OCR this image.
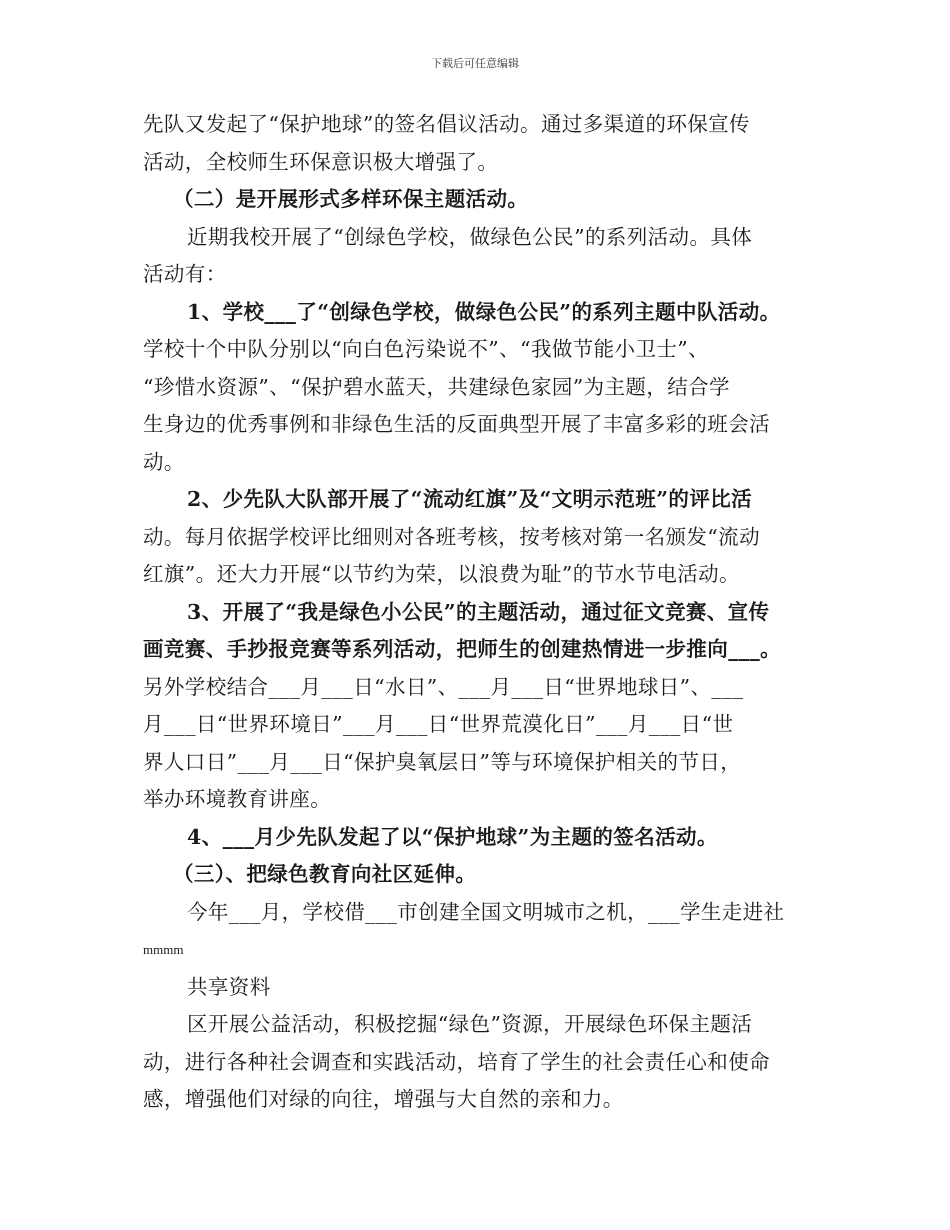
下载后可任意编辑
先队又发起了“保护地球”的签名倡议活动。通过多渠道的环保宣传
活动，全校师生环保意识极大增强了。
（二）是开展形式多样环保主题活动。
近期我校开展了“创绿色学校，做绿色公民”的系列活动。具体
活动有：
1、学校___了“创绿色学校，做绿色公民”的系列主题中队活动。
学校十个中队分别以“向白色污染说不”、“我做节能小卫士”、
“珍惜水资源”、“保护碧水蓝天，共建绿色家园”为主题，结合学
生身边的优秀事例和非绿色生活的反面典型开展了丰富多彩的班会活
动。
2、少先队大队部开展了“流动红旗”及“文明示范班”的评比活
动。每月依据学校评比细则对各班考核，按考核对第一名颁发“流动
红旗”。还大力开展“以节约为荣，以浪费为耻”的节水节电活动。
3、开展了“我是绿色小公民”的主题活动，通过征文竞赛、宣传
画竞赛、手抄报竞赛等系列活动，把师生的创建热情进一步推向___。
另外学校结合___月___日“水日”、___月___日“世界地球日”、___
月___日“世界环境日”___月___日“世界荒漠化日”___月___日“世
界人口日”___月___日“保护臭氧层日”等与环境保护相关的节日，
举办环境教育讲座。
4、___月少先队发起了以“保护地球”为主题的签名活动。
（三）、把绿色教育向社区延伸。
今年___月，学校借___市创建全国文明城市之机，___学生走进社
mmmm
共享资料
区开展公益活动，积极挖掘“绿色”资源，开展绿色环保主题活
动，进行各种社会调查和实践活动，培育了学生的社会责任心和使命
感，增强他们对绿的向往，增强与大自然的亲和力。
